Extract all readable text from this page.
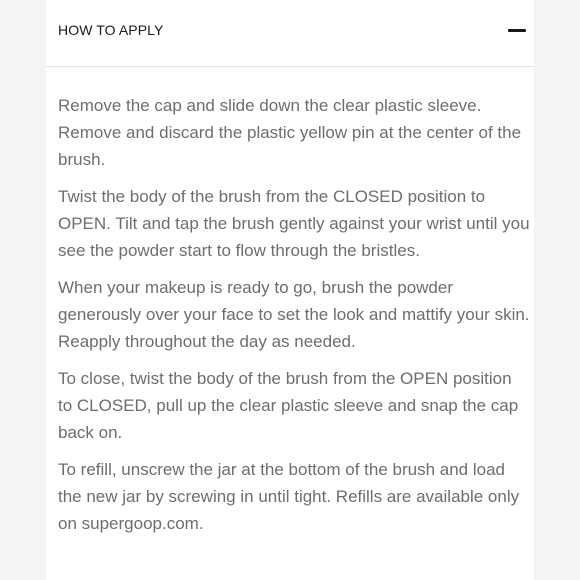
HOW TO APPLY

Remove the cap and slide down the clear plastic sleeve. Remove and discard the plastic yellow pin at the center of the brush.

Twist the body of the brush from the CLOSED position to OPEN. Tilt and tap the brush gently against your wrist until you see the powder start to flow through the bristles.

When your makeup is ready to go, brush the powder generously over your face to set the look and mattify your skin. Reapply throughout the day as needed.

To close, twist the body of the brush from the OPEN position to CLOSED, pull up the clear plastic sleeve and snap the cap back on.

To refill, unscrew the jar at the bottom of the brush and load the new jar by screwing in until tight. Refills are available only on supergoop.com.
